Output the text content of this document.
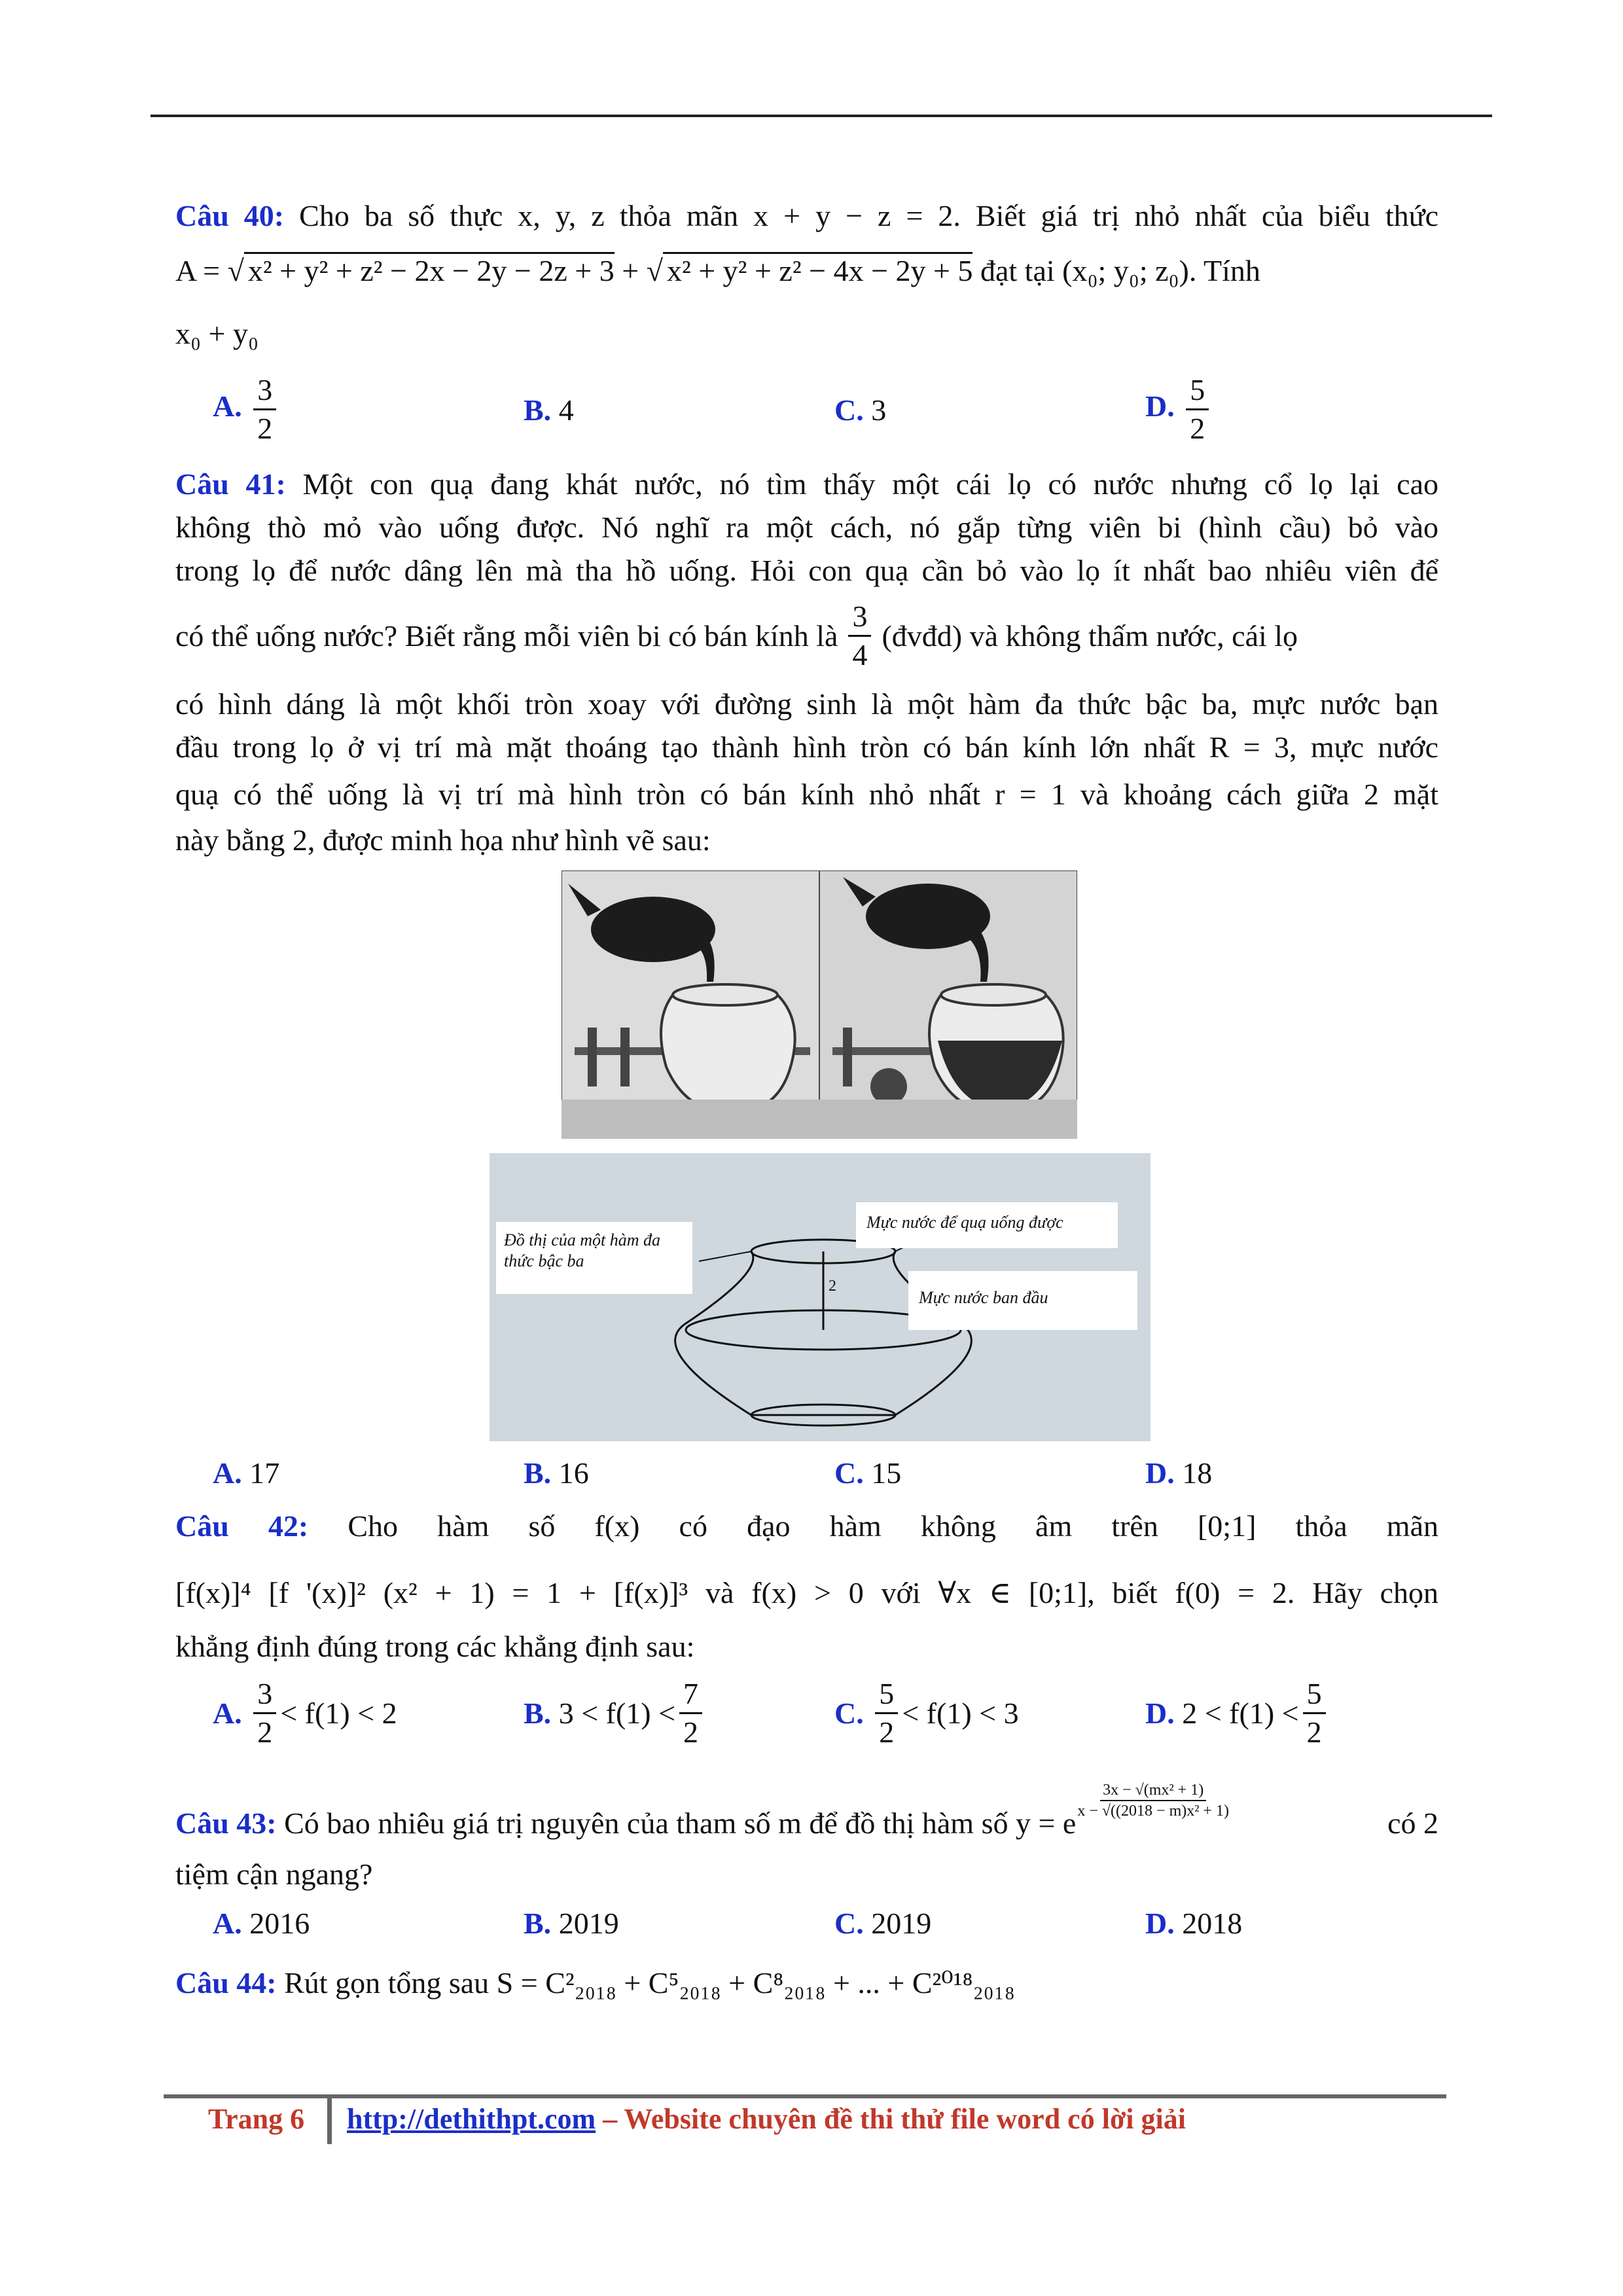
Câu 40: Cho ba số thực x, y, z thỏa mãn x + y − z = 2. Biết giá trị nhỏ nhất của biểu thức
A = √ x² + y² + z² − 2x − 2y − 2z + 3 + √ x² + y² + z² − 4x − 2y + 5 đạt tại (x₀; y₀; z₀). Tính
x₀ + y₀
A. $\frac{3}{2}$	B. 4	C. 3	D. $\frac{5}{2}$
Câu 41: Một con quạ đang khát nước, nó tìm thấy một cái lọ có nước nhưng cổ lọ lại cao
không thò mỏ vào uống được. Nó nghĩ ra một cách, nó gắp từng viên bi (hình cầu) bỏ vào
trong lọ để nước dâng lên mà tha hồ uống. Hỏi con quạ cần bỏ vào lọ ít nhất bao nhiêu viên để
có thể uống nước? Biết rằng mỗi viên bi có bán kính là $\frac{3}{4}$ (đvđd) và không thấm nước, cái lọ
có hình dáng là một khối tròn xoay với đường sinh là một hàm đa thức bậc ba, mực nước bạn
đầu trong lọ ở vị trí mà mặt thoáng tạo thành hình tròn có bán kính lớn nhất R = 3, mực nước
quạ có thể uống là vị trí mà hình tròn có bán kính nhỏ nhất r = 1 và khoảng cách giữa 2 mặt
này bằng 2, được minh họa như hình vẽ sau:
Đồ thị của một hàm đa thức bậc ba
Mực nước để quạ uống được
Mực nước ban đầu
2
A. 17	B. 16	C. 15	D. 18
Câu 42: Cho hàm số f(x) có đạo hàm không âm trên [0;1] thỏa mãn
[f(x)]⁴ [f '(x)]² (x² + 1) = 1 + [f(x)]³ và f(x) > 0 với ∀x ∈ [0;1], biết f(0) = 2. Hãy chọn
khẳng định đúng trong các khẳng định sau:
A.
$\frac{3}{2} < f(1) < 2$	B.
$3 < f(1) < \frac{7}{2}$	C.
$\frac{5}{2} < f(1) < 3$	D.
$2 < f(1) < \frac{5}{2}$
Câu 43:
Có bao nhiêu giá trị nguyên của tham số m để đồ thị hàm số y = e
3x − √(mx² + 1)
x − √((2018 − m)x² + 1)	có 2
tiệm cận ngang?
A. 2016	B. 2019	C. 2019	D. 2018
Câu 44: Rút gọn tổng sau S = C²₂₀₁₈ + C⁵₂₀₁₈ + C⁸₂₀₁₈ + ... + C²⁰¹⁸₂₀₁₈
Trang 6 http://dethithpt.com – Website chuyên đề thi thử file word có lời giải
